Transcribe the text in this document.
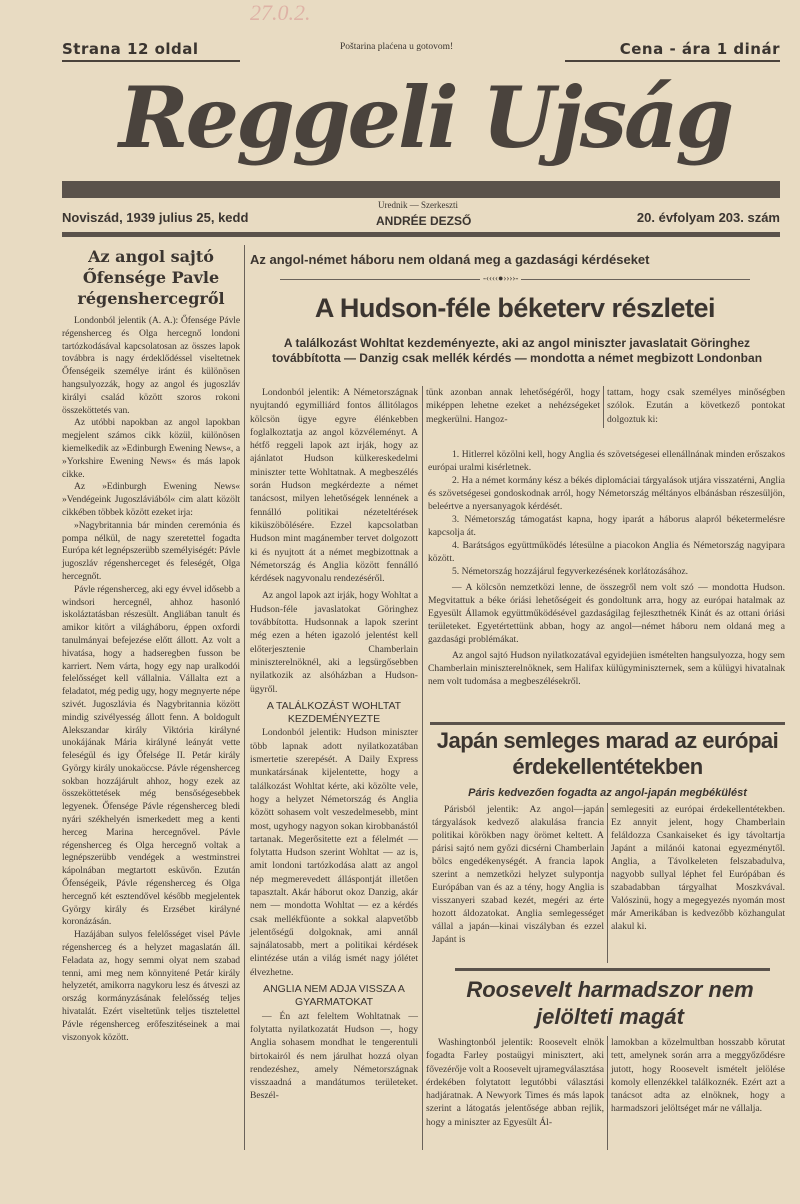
27.0.2.
Strana 12 oldal	Poštarina plaćena u gotovom!	Cena - ára 1 dinár
Reggeli Ujság
Noviszád, 1939 julius 25, kedd
Urednik — Szerkeszti
ANDRÉE DEZSŐ	20. évfolyam 203. szám
Az angol sajtó Őfensége Pavle régenshercegről

Londonból jelentik (A. A.): Őfensége Pávle régensherceg és Olga hercegnő londoni tartózkodásával kapcsolatosan az összes lapok továbbra is nagy érdeklődéssel viseltetnek Őfenségeik személye iránt és különösen hangsulyozzák, hogy az angol és jugoszláv királyi család között szoros rokoni összeköttetés van.

Az utóbbi napokban az angol lapokban megjelent számos cikk közül, különösen kiemelkedik az »Edinburgh Ewening News«, a »Yorkshire Ewening News« és más lapok cikke.

Az »Edinburgh Ewening News« »Vendégeink Jugoszláviából« cim alatt közölt cikkében többek között ezeket irja:

»Nagybritannia bár minden ceremónia és pompa nélkül, de nagy szeretettel fogadta Európa két legnépszerübb személyiségét: Pávle jugoszláv régensherceget és feleségét, Olga hercegnőt.

Pávle régensherceg, aki egy évvel idősebb a windsori hercegnél, ahhoz hasonló iskoláztatásban részesült. Angliában tanult és amikor kitört a világháboru, éppen oxfordi tanulmányai befejezése előtt állott. Az volt a hivatása, hogy a hadseregben fusson be karriert. Nem várta, hogy egy nap uralkodói felelősséget kell vállalnia. Vállalta ezt a feladatot, még pedig ugy, hogy megnyerte népe szivét. Jugoszlávia és Nagybritannia között mindig szivélyesség állott fenn. A boldogult Alekszandar király Viktória királyné unokájának Mária királyné leányát vette feleségül és igy Őfelsége II. Petár király György király unokaöccse. Pávle régensherceg sokban hozzájárult ahhoz, hogy ezek az összeköttetések még bensőségesebbek legyenek. Őfensége Pávle régensherceg bledi nyári székhelyén ismerkedett meg a kenti herceg Marina hercegnővel. Pávle régensherceg és Olga hercegnő voltak a legnépszerübb vendégek a westminstrei kápolnában megtartott esküvőn. Ezután Őfenségeik, Pávle régensherceg és Olga hercegnő két esztendővel később megjelentek György király és Erzsébet királyné koronázásán.

Hazájában sulyos felelősséget visel Pávle régensherceg és a helyzet magaslatán áll. Feladata az, hogy semmi olyat nem szabad tenni, ami meg nem könnyitené Petár király helyzetét, amikorra nagykoru lesz és átveszi az ország kormányzásának felelősség teljes hivatalát. Ezért viseltetünk teljes tisztelettel Pávle régensherceg erőfeszitéseinek a mai viszonyok között.

Az angol-német háboru nem oldaná meg a gazdasági kérdéseket
-‹‹‹‹●››››-
A Hudson-féle béketerv részletei
A találkozást Wohltat kezdeményezte, aki az angol miniszter javaslatait Göringhez továbbította — Danzig csak mellék kérdés — mondotta a német megbizott Londonban

Londonból jelentik: A Németországnak nyujtandó egymilliárd fontos állitólagos kölcsön ügye egyre élénkebben foglalkoztatja az angol közvéleményt. A hétfő reggeli lapok azt irják, hogy az ajánlatot Hudson külkereskedelmi miniszter tette Wohltatnak. A megbeszélés során Hudson megkérdezte a német tanácsost, milyen lehetőségek lennének a fennálló politikai nézeteltérések kiküszöbölésére. Ezzel kapcsolatban Hudson mint magánember tervet dolgozott ki és nyujtott át a német megbizottnak a Németország és Anglia között fennálló kérdések nagyvonalu rendezéséről.

Az angol lapok azt irják, hogy Wohltat a Hudson-féle javaslatokat Göringhez továbbította. Hudsonnak a lapok szerint még ezen a héten igazoló jelentést kell előterjesztenie Chamberlain miniszterelnöknél, aki a legsürgősebben nyilatkozik az alsóházban a Hudson-ügyről.

A TALÁLKOZÁST WOHLTAT KEZDEMÉNYEZTE

Londonból jelentik: Hudson miniszter több lapnak adott nyilatkozatában ismertetie szerepését. A Daily Express munkatársának kijelentette, hogy a találkozást Wohltat kérte, aki közölte vele, hogy a helyzet Németország és Anglia között sohasem volt veszedelmesebb, mint most, ugyhogy nagyon sokan kirobbanástól tartanak. Megerősitette ezt a félelmét — folytatta Hudson szerint Wohltat — az is, amit londoni tartózkodása alatt az angol nép megmerevedett álláspontját illetően tapasztalt. Akár háborut okoz Danzig, akár nem — mondotta Wohltat — ez a kérdés csak mellékfüonte a sokkal alapvetőbb jelentőségű dolgoknak, ami annál sajnálatosabb, mert a politikai kérdések elintézése után a világ ismét nagy jólétet élvezhetne.

ANGLIA NEM ADJA VISSZA A GYARMATOKAT

— Én azt feleltem Wohltatnak — folytatta nyilatkozatát Hudson —, hogy Anglia sohasem mondhat le tengerentuli birtokairól és nem járulhat hozzá olyan rendezéshez, amely Németországnak visszaadná a mandátumos területeket. Beszél-

tünk azonban annak lehetőségéről, hogy miképpen lehetne ezeket a nehézségeket megkerülni. Hangoz-
tattam, hogy csak személyes minőségben szólok. Ezután a következő pontokat dolgoztuk ki:

1. Hitlerrel közölni kell, hogy Anglia és szövetségesei ellenállnának minden erőszakos európai uralmi kisérletnek.

2. Ha a német kormány kész a békés diplomáciai tárgyalások utjára visszatérni, Anglia és szövetségesei gondoskodnak arról, hogy Németország méltányos elbánásban részesüljön, beleértve a nyersanyagok kérdését.

3. Németország támogatást kapna, hogy iparát a háborus alapról béketermelésre kapcsolja át.

4. Barátságos együttműködés létesülne a piacokon Anglia és Németország nagyipara között.

5. Németország hozzájárul fegyverkezésének korlátozásához.

— A kölcsön nemzetközi lenne, de összegről nem volt szó — mondotta Hudson. Megvitattuk a béke óriási lehetőségeit és gondoltunk arra, hogy az európai hatalmak az Egyesült Államok együttműködésével gazdaságilag fejleszthetnék Kinát és az ottani óriási területeket. Egyetértettünk abban, hogy az angol—német háboru nem oldaná meg a gazdasági problémákat.

Az angol sajtó Hudson nyilatkozatával egyidejüen ismételten hangsulyozza, hogy sem Chamberlain miniszterelnöknek, sem Halifax külügyminiszternek, sem a külügyi hivatalnak nem volt tudomása a megbeszélésekről.

Japán semleges marad az európai érdekellentétekben
Páris kedvezően fogadta az angol-japán megbékülést
Párisból jelentik: Az angol—japán tárgyalások kedvező alakulása francia politikai körökben nagy örömet keltett. A párisi sajtó nem győzi dicsérni Chamberlain bölcs engedékenységét. A francia lapok szerint a nemzetközi helyzet sulypontja Európában van és az a tény, hogy Anglia is visszanyeri szabad kezét, megéri az érte hozott áldozatokat. Anglia semlegességet vállal a japán—kinai viszályban és ezzel Japánt is
semlegesiti az európai érdekellentétekben. Ez annyit jelent, hogy Chamberlain feláldozza Csankaiseket és igy távoltartja Japánt a milánói katonai egyezménytől. Anglia, a Távolkeleten felszabadulva, nagyobb sullyal léphet fel Európában és szabadabban tárgyalhat Moszkvával. Valószinü, hogy a megegyezés nyomán most már Amerikában is kedvezőbb közhangulat alakul ki.
Roosevelt harmadszor nem jelölteti magát
Washingtonból jelentik: Roosevelt elnök fogadta Farley postaügyi minisztert, aki fővezérője volt a Roosevelt ujramegválasztása érdekében folytatott legutóbbi választási hadjáratnak. A Newyork Times és más lapok szerint a látogatás jelentősége abban rejlik, hogy a miniszter az Egyesült Ál-
lamokban a közelmultban hosszabb körutat tett, amelynek során arra a meggyőződésre jutott, hogy Roosevelt ismételt jelölése komoly ellenzékkel találkoznék. Ezért azt a tanácsot adta az elnöknek, hogy a harmadszori jelöltséget már ne vállalja.
